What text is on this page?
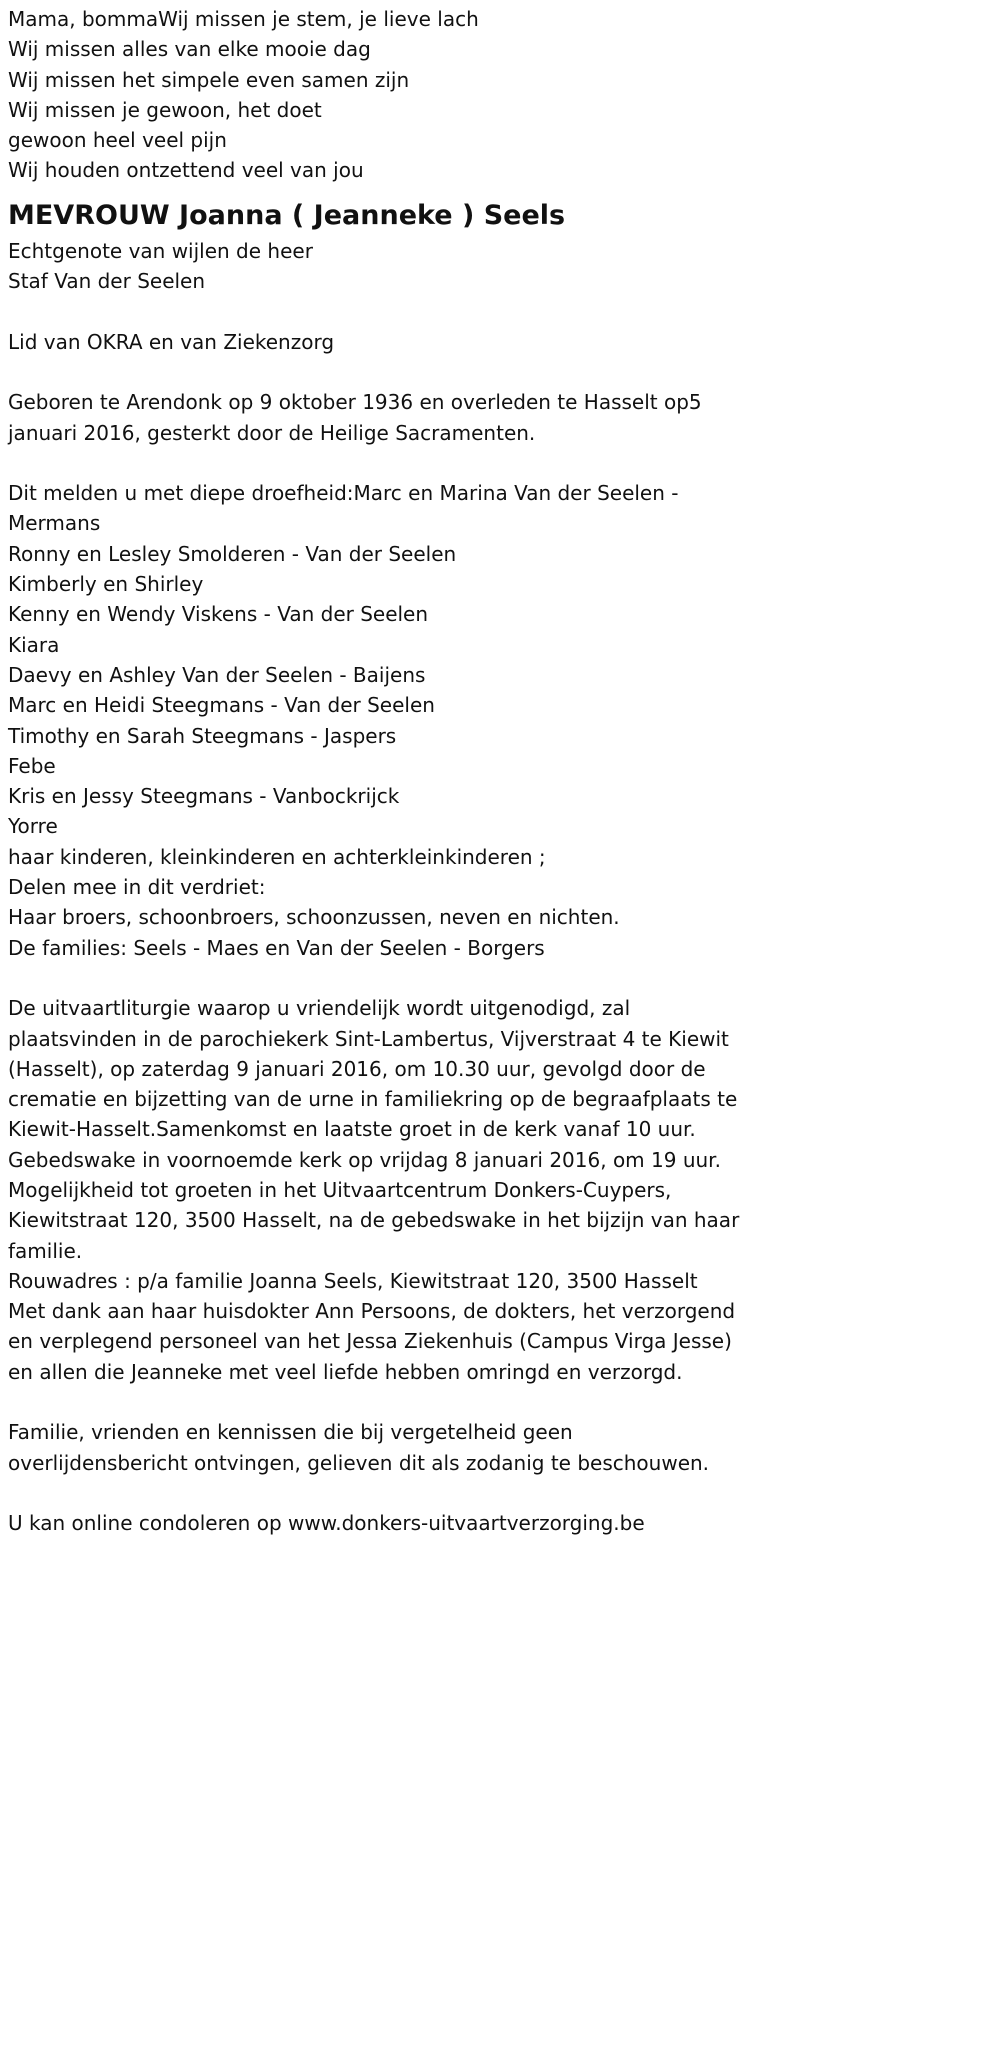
Mama, bommaWij missen je stem, je lieve lach
Wij missen alles van elke mooie dag
Wij missen het simpele even samen zijn
Wij missen je gewoon, het doet
gewoon heel veel pijn
Wij houden ontzettend veel van jou
MEVROUW Joanna ( Jeanneke ) Seels
Echtgenote van wijlen de heer
Staf Van der Seelen
Lid van OKRA en van Ziekenzorg
Geboren te Arendonk op 9 oktober 1936 en overleden te Hasselt op5
januari 2016, gesterkt door de Heilige Sacramenten.
Dit melden u met diepe droefheid:Marc en Marina Van der Seelen -
Mermans
Ronny en Lesley Smolderen - Van der Seelen
Kimberly en Shirley
Kenny en Wendy Viskens - Van der Seelen
Kiara
Daevy en Ashley Van der Seelen - Baijens
Marc en Heidi Steegmans - Van der Seelen
Timothy en Sarah Steegmans - Jaspers
Febe
Kris en Jessy Steegmans - Vanbockrijck
Yorre
haar kinderen, kleinkinderen en achterkleinkinderen ;
Delen mee in dit verdriet:
Haar broers, schoonbroers, schoonzussen, neven en nichten.
De families: Seels - Maes en Van der Seelen - Borgers
De uitvaartliturgie waarop u vriendelijk wordt uitgenodigd, zal
plaatsvinden in de parochiekerk Sint-Lambertus, Vijverstraat 4 te Kiewit
(Hasselt), op zaterdag 9 januari 2016, om 10.30 uur, gevolgd door de
crematie en bijzetting van de urne in familiekring op de begraafplaats te
Kiewit-Hasselt.Samenkomst en laatste groet in de kerk vanaf 10 uur.
Gebedswake in voornoemde kerk op vrijdag 8 januari 2016, om 19 uur.
Mogelijkheid tot groeten in het Uitvaartcentrum Donkers-Cuypers,
Kiewitstraat 120, 3500 Hasselt, na de gebedswake in het bijzijn van haar
familie.
Rouwadres : p/a familie Joanna Seels, Kiewitstraat 120, 3500 Hasselt
Met dank aan haar huisdokter Ann Persoons, de dokters, het verzorgend
en verplegend personeel van het Jessa Ziekenhuis (Campus Virga Jesse)
en allen die Jeanneke met veel liefde hebben omringd en verzorgd.
Familie, vrienden en kennissen die bij vergetelheid geen
overlijdensbericht ontvingen, gelieven dit als zodanig te beschouwen.
U kan online condoleren op www.donkers-uitvaartverzorging.be
